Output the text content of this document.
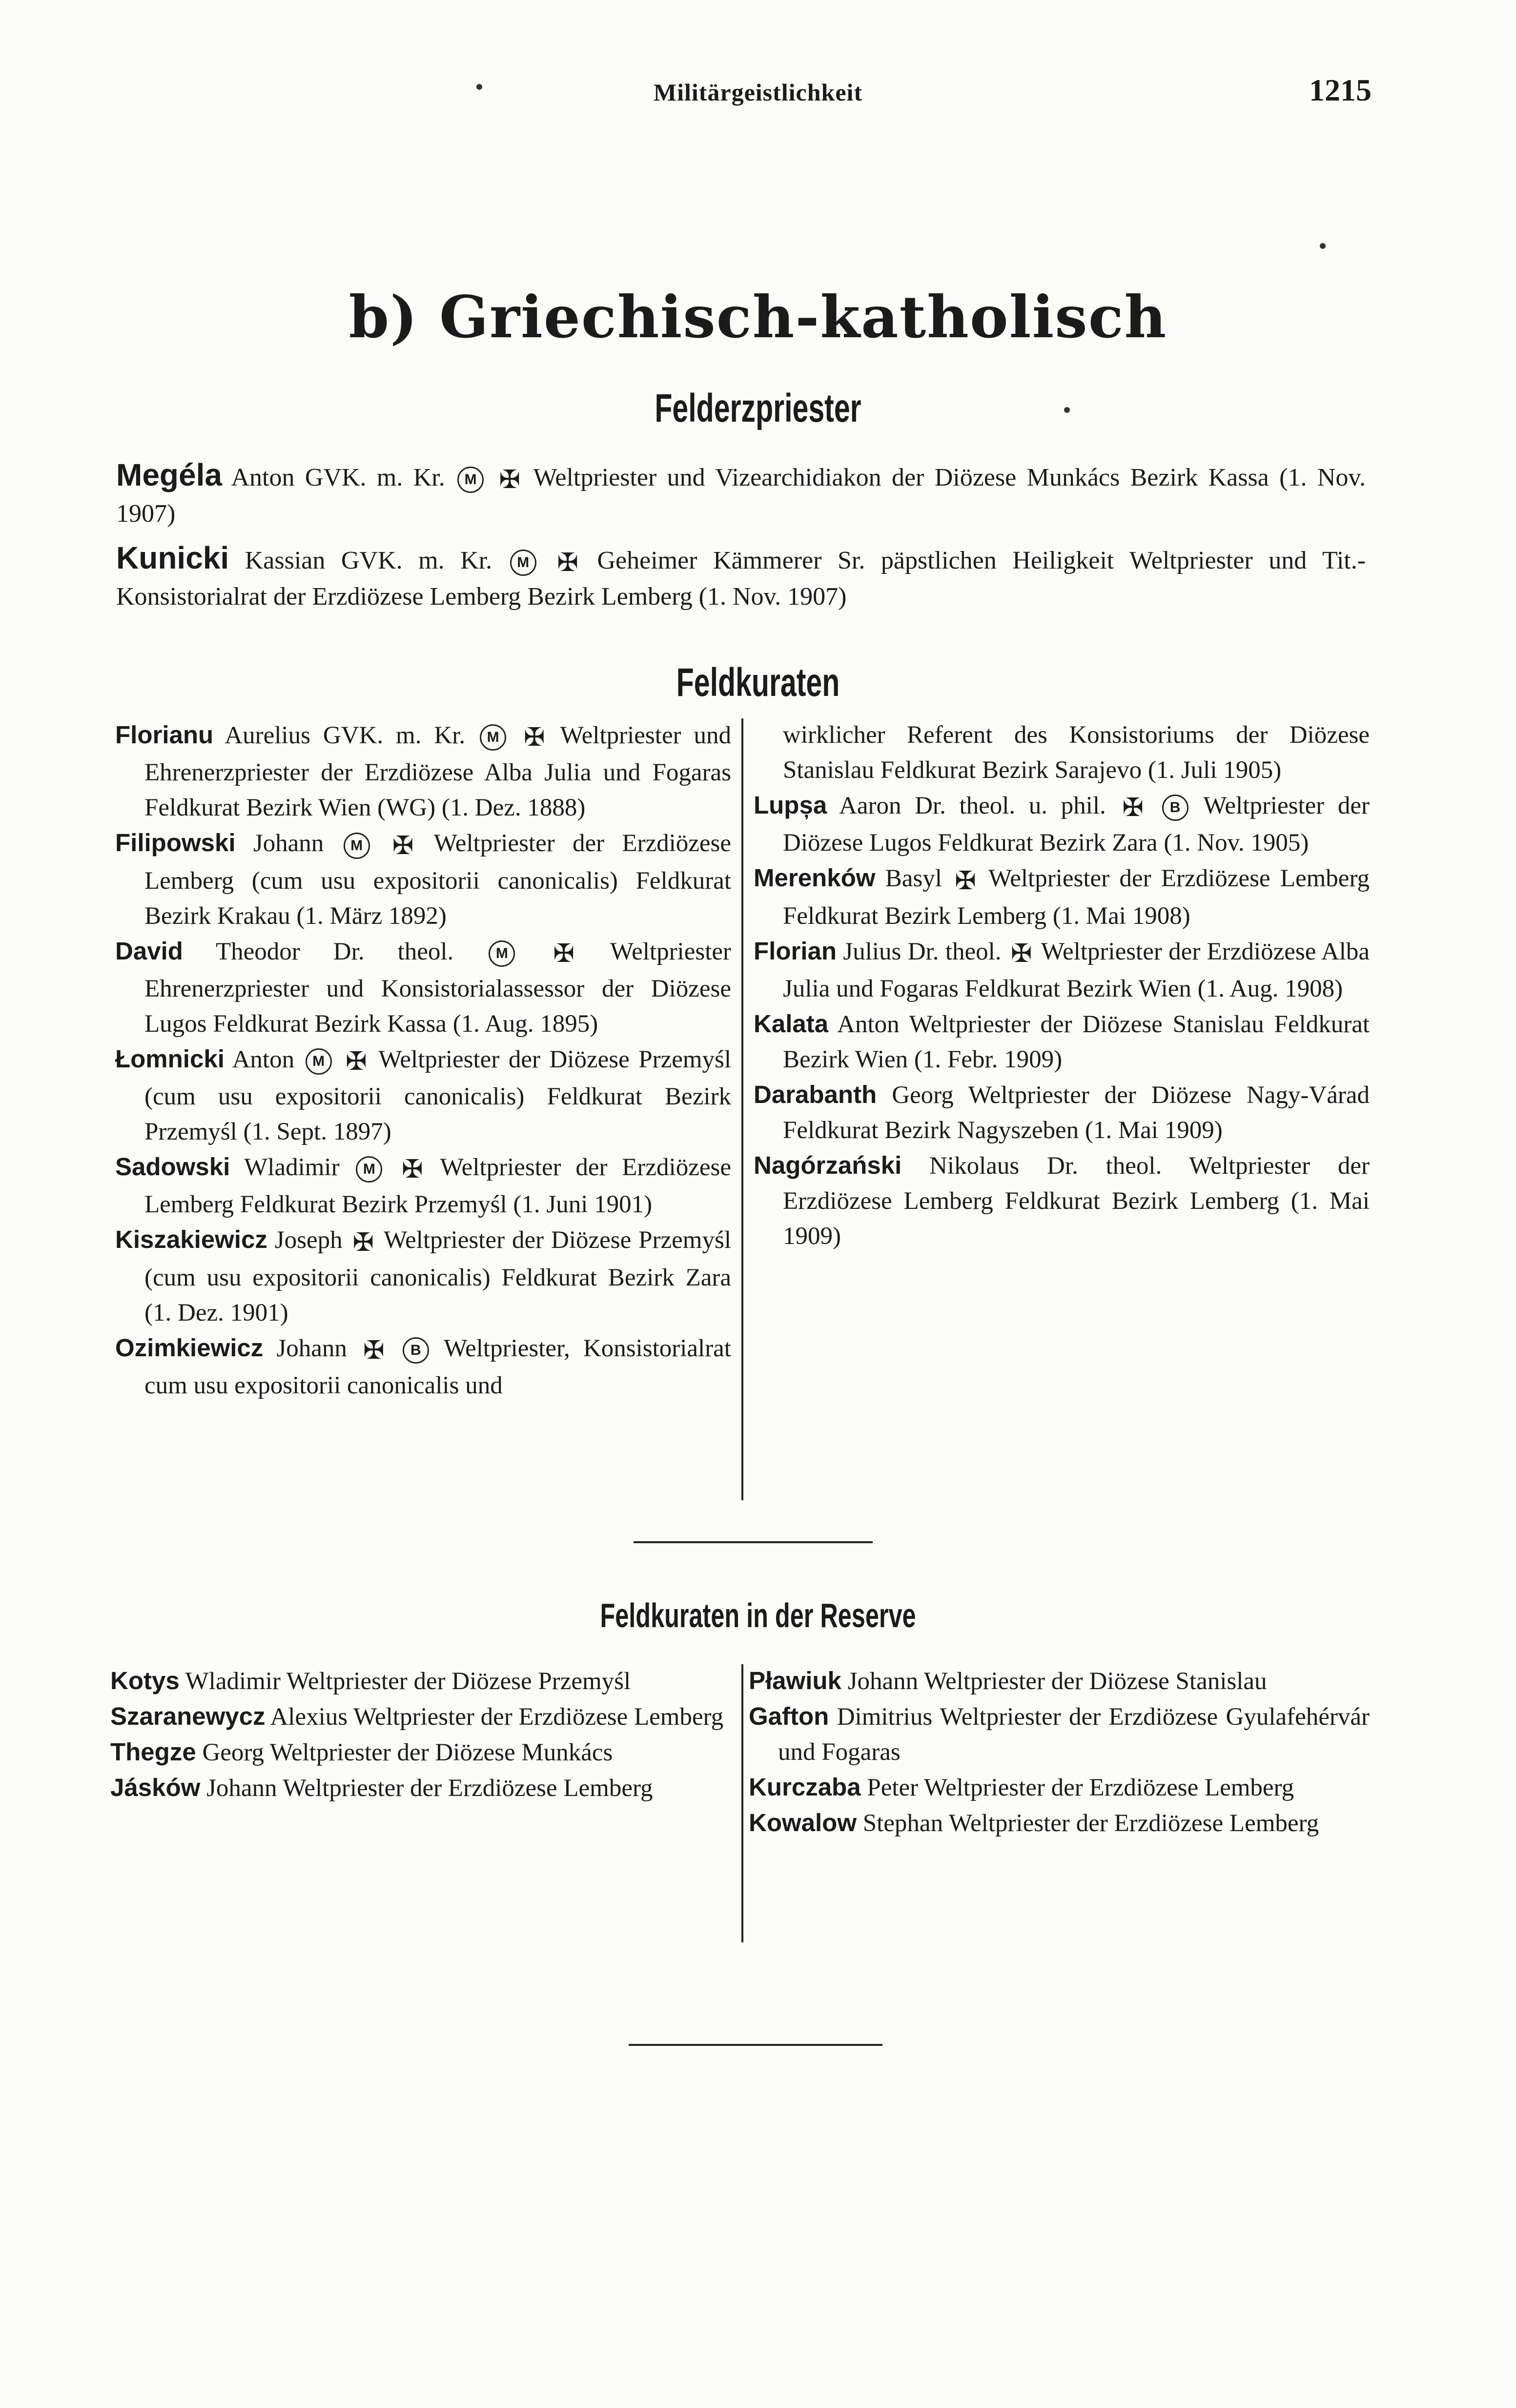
Militärgeistlichkeit	1215
b) Griechisch-katholisch
Felderzpriester
Megéla Anton GVK. m. Kr. M ✠ Weltpriester und Vizearchidiakon der Diözese Munkács Bezirk Kassa (1. Nov. 1907)
Kunicki Kassian GVK. m. Kr. M ✠ Geheimer Kämmerer Sr. päpstlichen Heiligkeit Weltpriester und Tit.-Konsistorialrat der Erzdiözese Lemberg Bezirk Lemberg (1. Nov. 1907)
Feldkuraten
Florianu Aurelius GVK. m. Kr. M ✠ Weltpriester und Ehrenerzpriester der Erzdiözese Alba Julia und Fogaras Feldkurat Bezirk Wien (WG) (1. Dez. 1888)
Filipowski Johann M ✠ Weltpriester der Erzdiözese Lemberg (cum usu expositorii canonicalis) Feldkurat Bezirk Krakau (1. März 1892)
David Theodor Dr. theol.	M ✠ Weltpriester Ehrenerzpriester und Konsistorialassessor der Diözese Lugos Feldkurat Bezirk Kassa (1. Aug. 1895)
Łomnicki Anton M ✠ Weltpriester der Diözese Przemyśl (cum usu expositorii canonicalis) Feldkurat Bezirk Przemyśl (1. Sept. 1897)
Sadowski Wladimir M ✠ Weltpriester der Erzdiözese Lemberg Feldkurat Bezirk Przemyśl (1. Juni 1901)
Kiszakiewicz Joseph ✠ Weltpriester der Diözese Przemyśl (cum usu expositorii canonicalis) Feldkurat Bezirk Zara (1. Dez. 1901)
Ozimkiewicz Johann ✠ B Weltpriester, Konsistorialrat cum usu expositorii canonicalis und
wirklicher Referent des Konsistoriums der Diözese Stanislau Feldkurat Bezirk Sarajevo (1. Juli 1905)
Lupșa Aaron Dr. theol. u. phil. ✠ B Weltpriester der Diözese Lugos Feldkurat Bezirk Zara (1. Nov. 1905)
Merenków Basyl ✠ Weltpriester der Erzdiözese Lemberg Feldkurat Bezirk Lemberg (1. Mai 1908)
Florian Julius Dr. theol. ✠ Weltpriester der Erzdiözese Alba Julia und Fogaras Feldkurat Bezirk Wien (1. Aug. 1908)
Kalata Anton Weltpriester der Diözese Stanislau Feldkurat Bezirk Wien (1. Febr. 1909)
Darabanth Georg Weltpriester der Diözese Nagy-Várad Feldkurat Bezirk Nagyszeben (1. Mai 1909)
Nagórzański Nikolaus Dr. theol. Weltpriester der Erzdiözese Lemberg Feldkurat Bezirk Lemberg (1. Mai 1909)
Feldkuraten in der Reserve
Kotys Wladimir Weltpriester der Diözese Przemyśl
Szaranewycz Alexius Weltpriester der Erzdiözese Lemberg
Thegze Georg Weltpriester der Diözese Munkács
Jásków Johann Weltpriester der Erzdiözese Lemberg
Pławiuk Johann Weltpriester der Diözese Stanislau
Gafton Dimitrius Weltpriester der Erzdiözese Gyulafehérvár und Fogaras
Kurczaba Peter Weltpriester der Erzdiözese Lemberg
Kowalow Stephan Weltpriester der Erzdiözese Lemberg
